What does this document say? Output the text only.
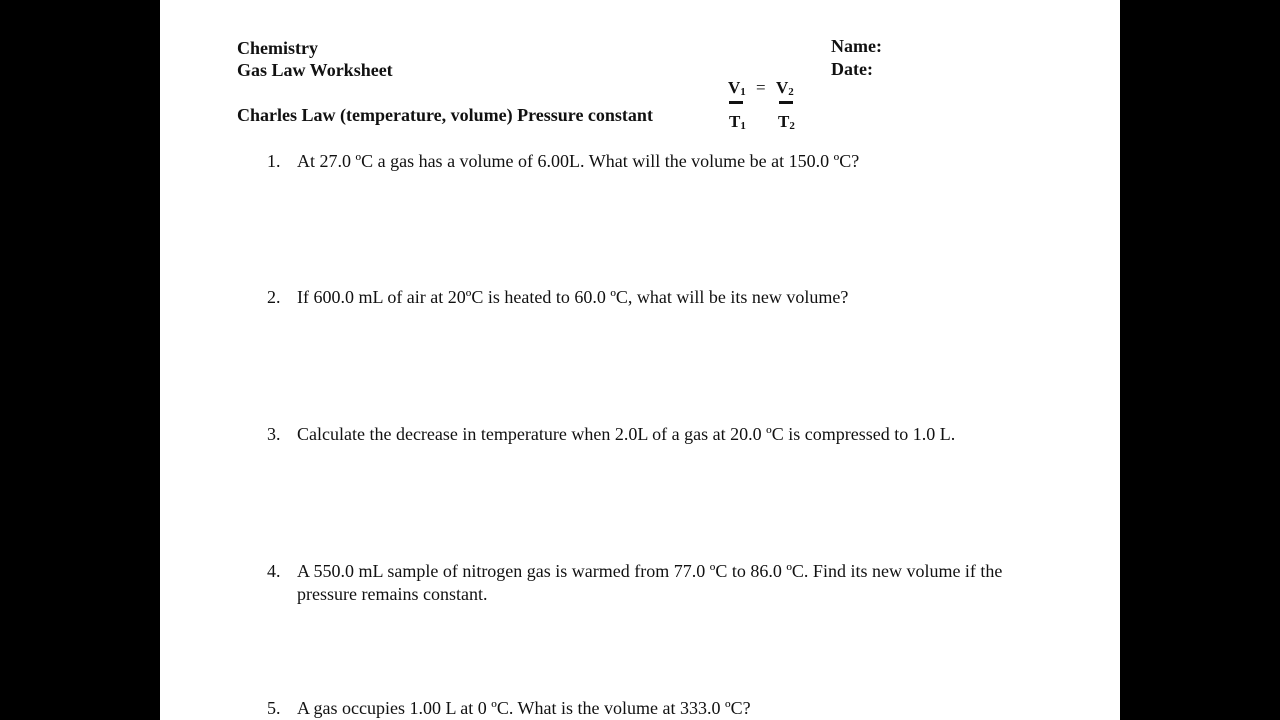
Chemistry
Gas Law Worksheet
Name:
Date:
Charles Law (temperature, volume) Pressure constant
$V_1 = V_2$
$T_1$ $T_2$
1. At 27.0 ºC a gas has a volume of 6.00L. What will the volume be at 150.0 ºC?
2. If 600.0 mL of air at 20ºC is heated to 60.0 ºC, what will be its new volume?
3. Calculate the decrease in temperature when 2.0L of a gas at 20.0 ºC is compressed to 1.0 L.
4. A 550.0 mL sample of nitrogen gas is warmed from 77.0 ºC to 86.0 ºC. Find its new volume if the pressure remains constant.
5. A gas occupies 1.00 L at 0 ºC. What is the volume at 333.0 ºC?
